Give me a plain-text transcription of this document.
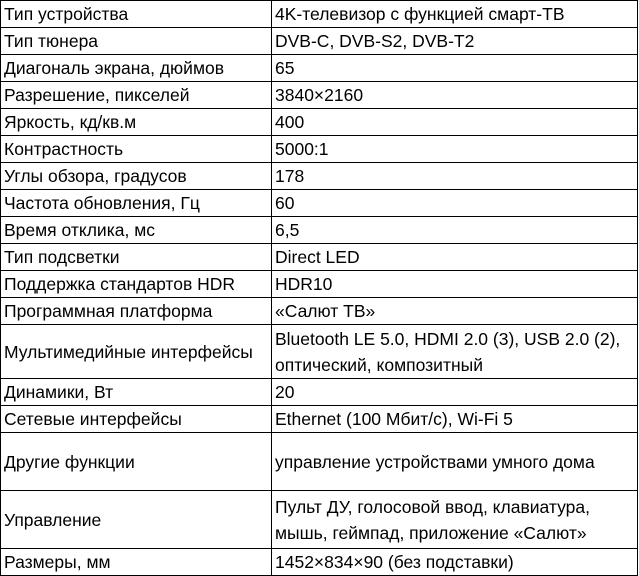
Тип устройства	4K-телевизор с функцией смарт-ТВ
Тип тюнера	DVB-C, DVB-S2, DVB-T2
Диагональ экрана, дюймов	65
Разрешение, пикселей	3840×2160
Яркость, кд/кв.м	400
Контрастность	5000:1
Углы обзора, градусов	178
Частота обновления, Гц	60
Время отклика, мс	6,5
Тип подсветки	Direct LED
Поддержка стандартов HDR	HDR10
Программная платформа	«Салют ТВ»
Мультимедийные интерфейсы	Bluetooth LE 5.0, HDMI 2.0 (3), USB 2.0 (2), оптический, композитный
Динамики, Вт	20
Сетевые интерфейсы	Ethernet (100 Мбит/с), Wi-Fi 5
Другие функции	управление устройствами умного дома
Управление	Пульт ДУ, голосовой ввод, клавиатура, мышь, геймпад, приложение «Салют»
Размеры, мм	1452×834×90 (без подставки)
